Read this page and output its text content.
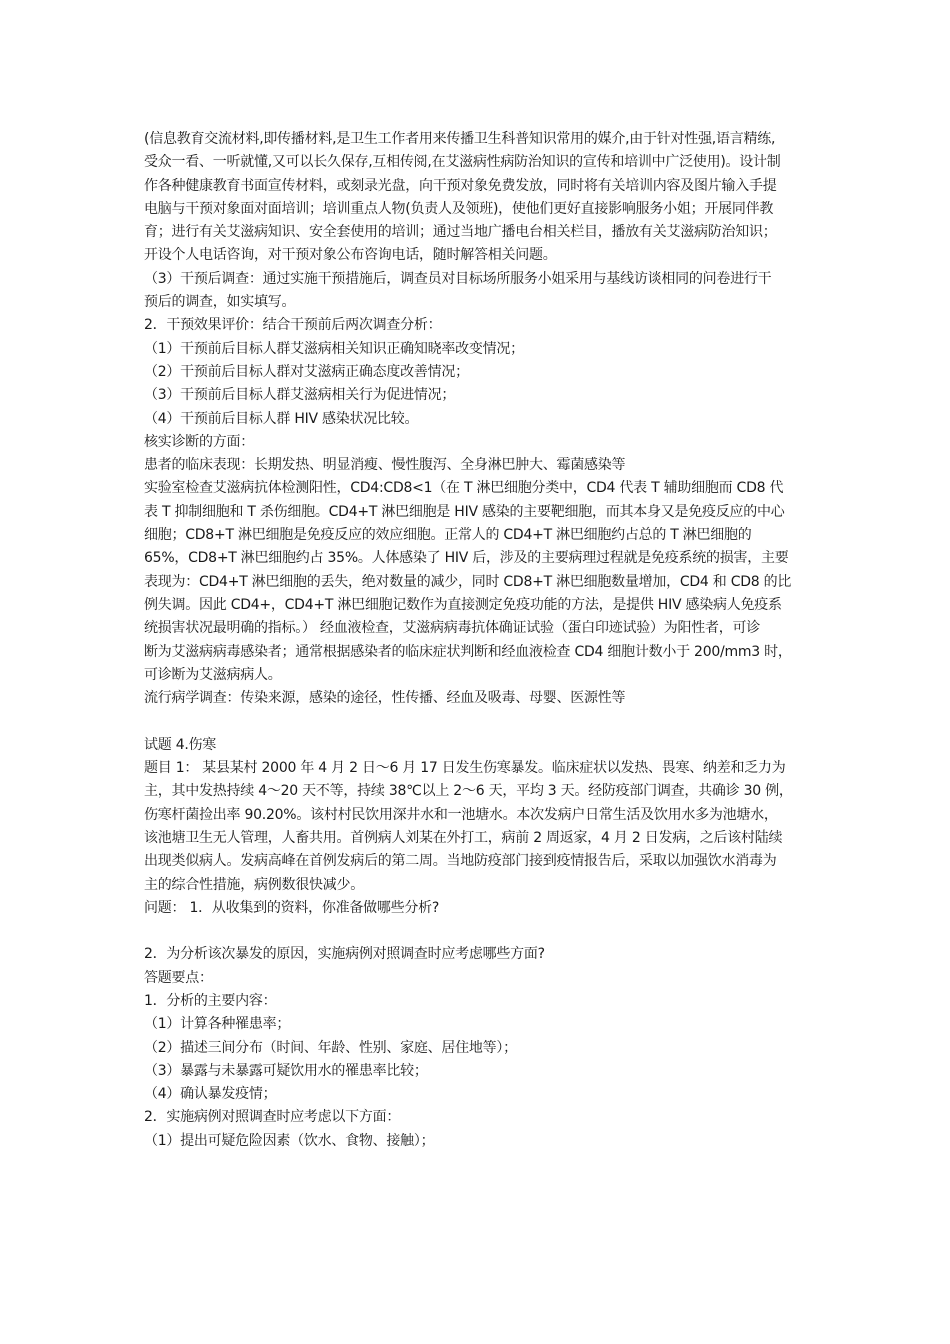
(信息教育交流材料,即传播材料,是卫生工作者用来传播卫生科普知识常用的媒介,由于针对性强,语言精练,
受众一看、一听就懂,又可以长久保存,互相传阅,在艾滋病性病防治知识的宣传和培训中广泛使用)。设计制
作各种健康教育书面宣传材料，或刻录光盘，向干预对象免费发放，同时将有关培训内容及图片输入手提
电脑与干预对象面对面培训；培训重点人物(负责人及领班)，使他们更好直接影响服务小姐；开展同伴教
育；进行有关艾滋病知识、安全套使用的培训；通过当地广播电台相关栏目，播放有关艾滋病防治知识；
开设个人电话咨询，对干预对象公布咨询电话，随时解答相关问题。
（3）干预后调查：通过实施干预措施后，调查员对目标场所服务小姐采用与基线访谈相同的问卷进行干
预后的调查，如实填写。
2．干预效果评价：结合干预前后两次调查分析：
（1）干预前后目标人群艾滋病相关知识正确知晓率改变情况；
（2）干预前后目标人群对艾滋病正确态度改善情况；
（3）干预前后目标人群艾滋病相关行为促进情况；
（4）干预前后目标人群 HIV 感染状况比较。
核实诊断的方面：
患者的临床表现：长期发热、明显消瘦、慢性腹泻、全身淋巴肿大、霉菌感染等
实验室检查艾滋病抗体检测阳性，CD4:CD8<1（在 T 淋巴细胞分类中，CD4 代表 T 辅助细胞而 CD8 代
表 T 抑制细胞和 T 杀伤细胞。CD4+T 淋巴细胞是 HIV 感染的主要靶细胞，而其本身又是免疫反应的中心
细胞；CD8+T 淋巴细胞是免疫反应的效应细胞。正常人的 CD4+T 淋巴细胞约占总的 T 淋巴细胞的
65%，CD8+T 淋巴细胞约占 35%。人体感染了 HIV 后，涉及的主要病理过程就是免疫系统的损害，主要
表现为：CD4+T 淋巴细胞的丢失，绝对数量的减少，同时 CD8+T 淋巴细胞数量增加，CD4 和 CD8 的比
例失调。因此 CD4+，CD4+T 淋巴细胞记数作为直接测定免疫功能的方法，是提供 HIV 感染病人免疫系
统损害状况最明确的指标。） 经血液检查，艾滋病病毒抗体确证试验（蛋白印迹试验）为阳性者，可诊
断为艾滋病病毒感染者；通常根据感染者的临床症状判断和经血液检查 CD4 细胞计数小于 200/mm3 时，
可诊断为艾滋病病人。
流行病学调查：传染来源，感染的途径，性传播、经血及吸毒、母婴、医源性等
试题 4.伤寒
题目 1： 某县某村 2000 年 4 月 2 日～6 月 17 日发生伤寒暴发。临床症状以发热、畏寒、纳差和乏力为
主，其中发热持续 4～20 天不等，持续 38℃以上 2～6 天，平均 3 天。经防疫部门调查，共确诊 30 例，
伤寒杆菌捡出率 90.20%。该村村民饮用深井水和一池塘水。本次发病户日常生活及饮用水多为池塘水，
该池塘卫生无人管理，人畜共用。首例病人刘某在外打工，病前 2 周返家，4 月 2 日发病，之后该村陆续
出现类似病人。发病高峰在首例发病后的第二周。当地防疫部门接到疫情报告后，采取以加强饮水消毒为
主的综合性措施，病例数很快减少。
问题： 1．从收集到的资料，你准备做哪些分析?
2．为分析该次暴发的原因，实施病例对照调查时应考虑哪些方面?
答题要点：
1．分析的主要内容：
（1）计算各种罹患率；
（2）描述三间分布（时间、年龄、性别、家庭、居住地等）；
（3）暴露与未暴露可疑饮用水的罹患率比较；
（4）确认暴发疫情；
2．实施病例对照调查时应考虑以下方面：
（1）提出可疑危险因素（饮水、食物、接触）；
